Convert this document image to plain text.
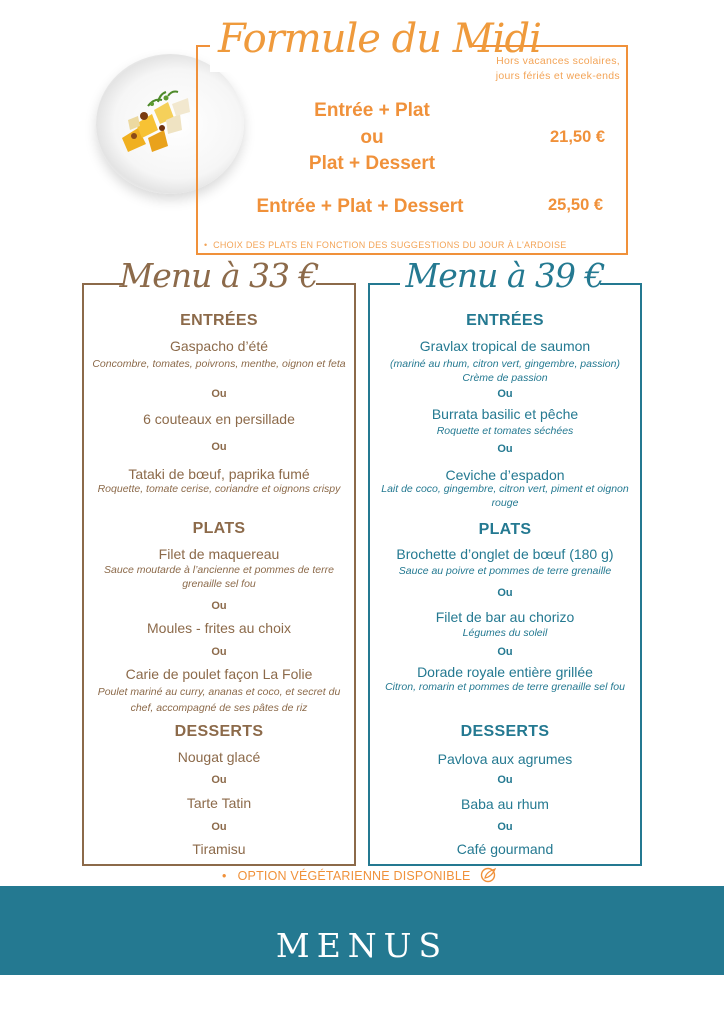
Formule du Midi
Hors vacances scolaires, jours fériés et week-ends
Entrée + Plat
ou
Plat + Dessert
21,50 €
Entrée + Plat + Dessert	25,50 €
•  CHOIX DES PLATS EN FONCTION DES SUGGESTIONS DU JOUR À L'ARDOISE
Menu à 33 €
ENTRÉES
Gaspacho d’été
Concombre, tomates, poivrons, menthe, oignon et feta
Ou
6 couteaux en persillade
Ou
Tataki de bœuf, paprika fumé
Roquette, tomate cerise, coriandre et oignons crispy
PLATS
Filet de maquereau
Sauce moutarde à l’ancienne et pommes de terre grenaille sel fou
Ou
Moules - frites au choix
Ou
Carie de poulet façon La Folie
Poulet mariné au curry, ananas et coco, et secret du chef, accompagné de ses pâtes de riz
DESSERTS
Nougat glacé
Ou
Tarte Tatin
Ou
Tiramisu
Menu à 39 €
ENTRÉES
Gravlax tropical de saumon
(mariné au rhum, citron vert, gingembre, passion)
Crème de passion
Ou
Burrata basilic et pêche
Roquette et tomates séchées
Ou
Ceviche d’espadon
Lait de coco, gingembre, citron vert, piment et oignon rouge
PLATS
Brochette d’onglet de bœuf (180 g)
Sauce au poivre et pommes de terre grenaille
Ou
Filet de bar au chorizo
Légumes du soleil
Ou
Dorade royale entière grillée
Citron, romarin et pommes de terre grenaille sel fou
DESSERTS
Pavlova aux agrumes
Ou
Baba au rhum
Ou
Café gourmand
•   OPTION VÉGÉTARIENNE DISPONIBLE
MENUS
